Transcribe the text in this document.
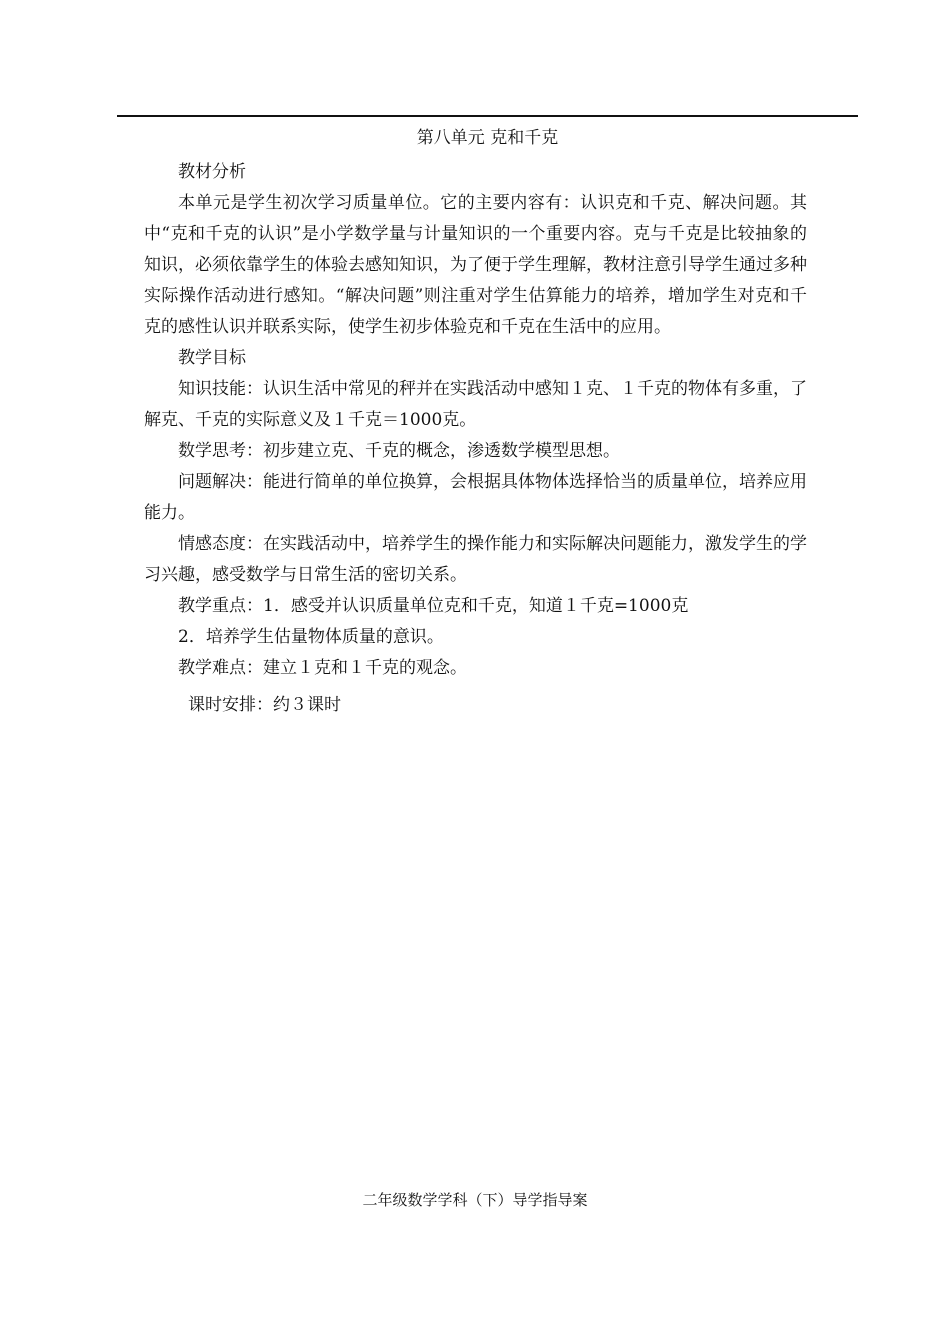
第八单元 克和千克

教材分析

本单元是学生初次学习质量单位。它的主要内容有：认识克和千克、解决问题。其中“克和千克的认识”是小学数学量与计量知识的一个重要内容。克与千克是比较抽象的知识，必须依靠学生的体验去感知知识，为了便于学生理解，教材注意引导学生通过多种实际操作活动进行感知。“解决问题”则注重对学生估算能力的培养，增加学生对克和千克的感性认识并联系实际，使学生初步体验克和千克在生活中的应用。

教学目标

知识技能：认识生活中常见的秤并在实践活动中感知１克、１千克的物体有多重，了解克、千克的实际意义及１千克＝1000克。

数学思考：初步建立克、千克的概念，渗透数学模型思想。

问题解决：能进行简单的单位换算，会根据具体物体选择恰当的质量单位，培养应用能力。

情感态度：在实践活动中，培养学生的操作能力和实际解决问题能力，激发学生的学习兴趣，感受数学与日常生活的密切关系。

教学重点：1．感受并认识质量单位克和千克，知道１千克=1000克

2．培养学生估量物体质量的意识。

教学难点：建立１克和１千克的观念。

课时安排：约３课时

二年级数学学科（下）导学指导案
